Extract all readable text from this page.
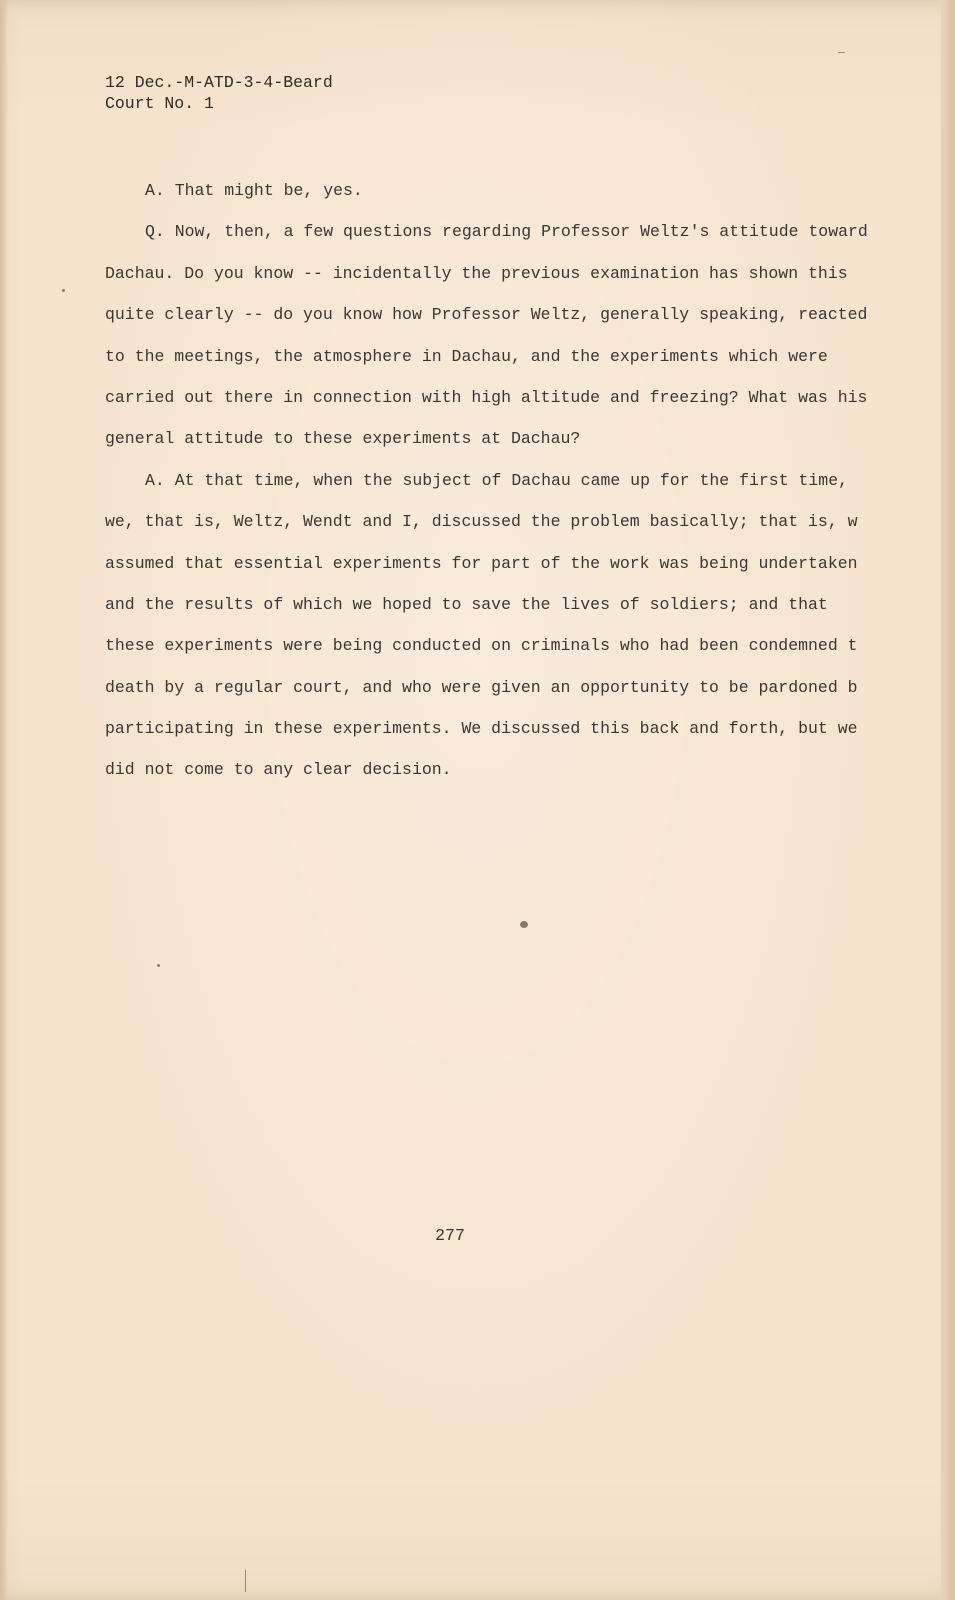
12 Dec.-M-ATD-3-4-Beard
Court No. 1
A. That might be, yes.
Q. Now, then, a few questions regarding Professor Weltz's attitude toward
Dachau. Do you know -- incidentally the previous examination has shown this
quite clearly -- do you know how Professor Weltz, generally speaking, reacted
to the meetings, the atmosphere in Dachau, and the experiments which were
carried out there in connection with high altitude and freezing? What was his
general attitude to these experiments at Dachau?
A. At that time, when the subject of Dachau came up for the first time,
we, that is, Weltz, Wendt and I, discussed the problem basically; that is, w
assumed that essential experiments for part of the work was being undertaken
and the results of which we hoped to save the lives of soldiers; and that
these experiments were being conducted on criminals who had been condemned t
death by a regular court, and who were given an opportunity to be pardoned b
participating in these experiments. We discussed this back and forth, but we
did not come to any clear decision.
277
